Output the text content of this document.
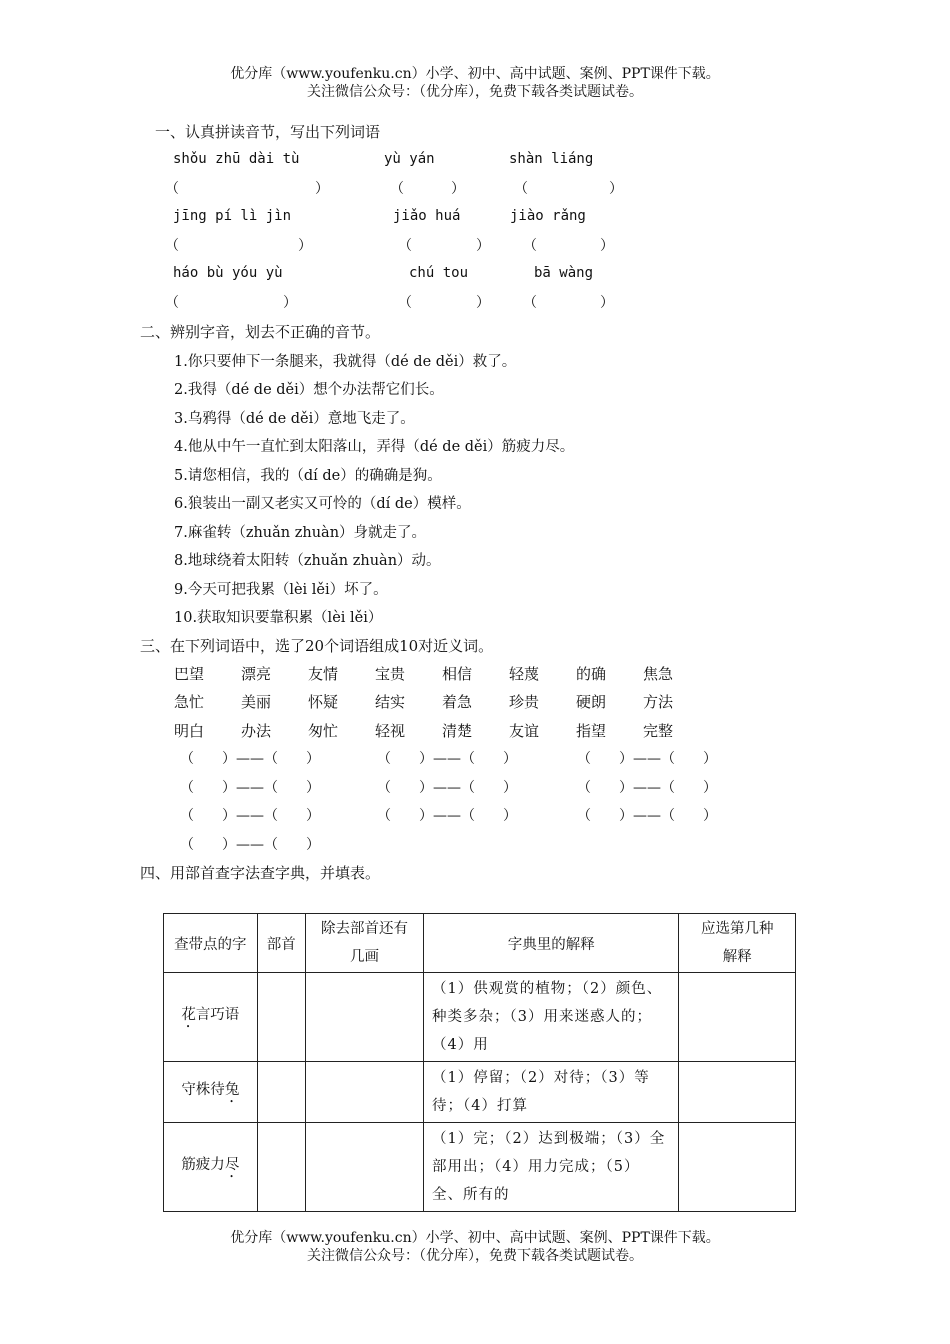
优分库（www.youfenku.cn）小学、初中、高中试题、案例、PPT课件下载。
关注微信公众号：（优分库），免费下载各类试题试卷。
一、认真拼读音节，写出下列词语
shǒu zhū dài tù	yù yán	shàn liáng
（	）	（	）	（	）
jīng pí lì jìn	jiǎo huá	jiào rǎng
（	）	（	） （	）
háo bù yóu yù	chú tou	bā wàng
（	）	（	） （	）
二、辨别字音，划去不正确的音节。
1.你只要伸下一条腿来，我就得（dé de děi）救了。
2.我得（dé de děi）想个办法帮它们长。
3.乌鸦得（dé de děi）意地飞走了。
4.他从中午一直忙到太阳落山，弄得（dé de děi）筋疲力尽。
5.请您相信，我的（dí de）的确确是狗。
6.狼装出一副又老实又可怜的（dí de）模样。
7.麻雀转（zhuǎn zhuàn）身就走了。
8.地球绕着太阳转（zhuǎn zhuàn）动。
9.今天可把我累（lèi lěi）坏了。
10.获取知识要靠积累（lèi lěi）
三、在下列词语中，选了20个词语组成10对近义词。
巴望 漂亮 友情 宝贵 相信 轻蔑 的确 焦急
急忙 美丽 怀疑 结实 着急 珍贵 硬朗 方法
明白 办法 匆忙 轻视 清楚 友谊 指望 完整
（　　）——（　　）	（　　）——（　　）	（　　）——（　　）
（　　）——（　　）	（　　）——（　　）	（　　）——（　　）
（　　）——（　　）	（　　）——（　　）	（　　）——（　　）
（　　）——（　　）
四、用部首查字法查字典，并填表。
查带点的字	部首	除去部首还有几画	字典里的解释	应选第几种解释
花言巧语			（1）供观赏的植物；（2）颜色、种类多杂；（3）用来迷惑人的；（4）用	
守株待兔			（1）停留；（2）对待；（3）等待；（4）打算	
筋疲力尽			（1）完；（2）达到极端；（3）全部用出；（4）用力完成；（5）全、所有的	
优分库（www.youfenku.cn）小学、初中、高中试题、案例、PPT课件下载。
关注微信公众号：（优分库），免费下载各类试题试卷。
